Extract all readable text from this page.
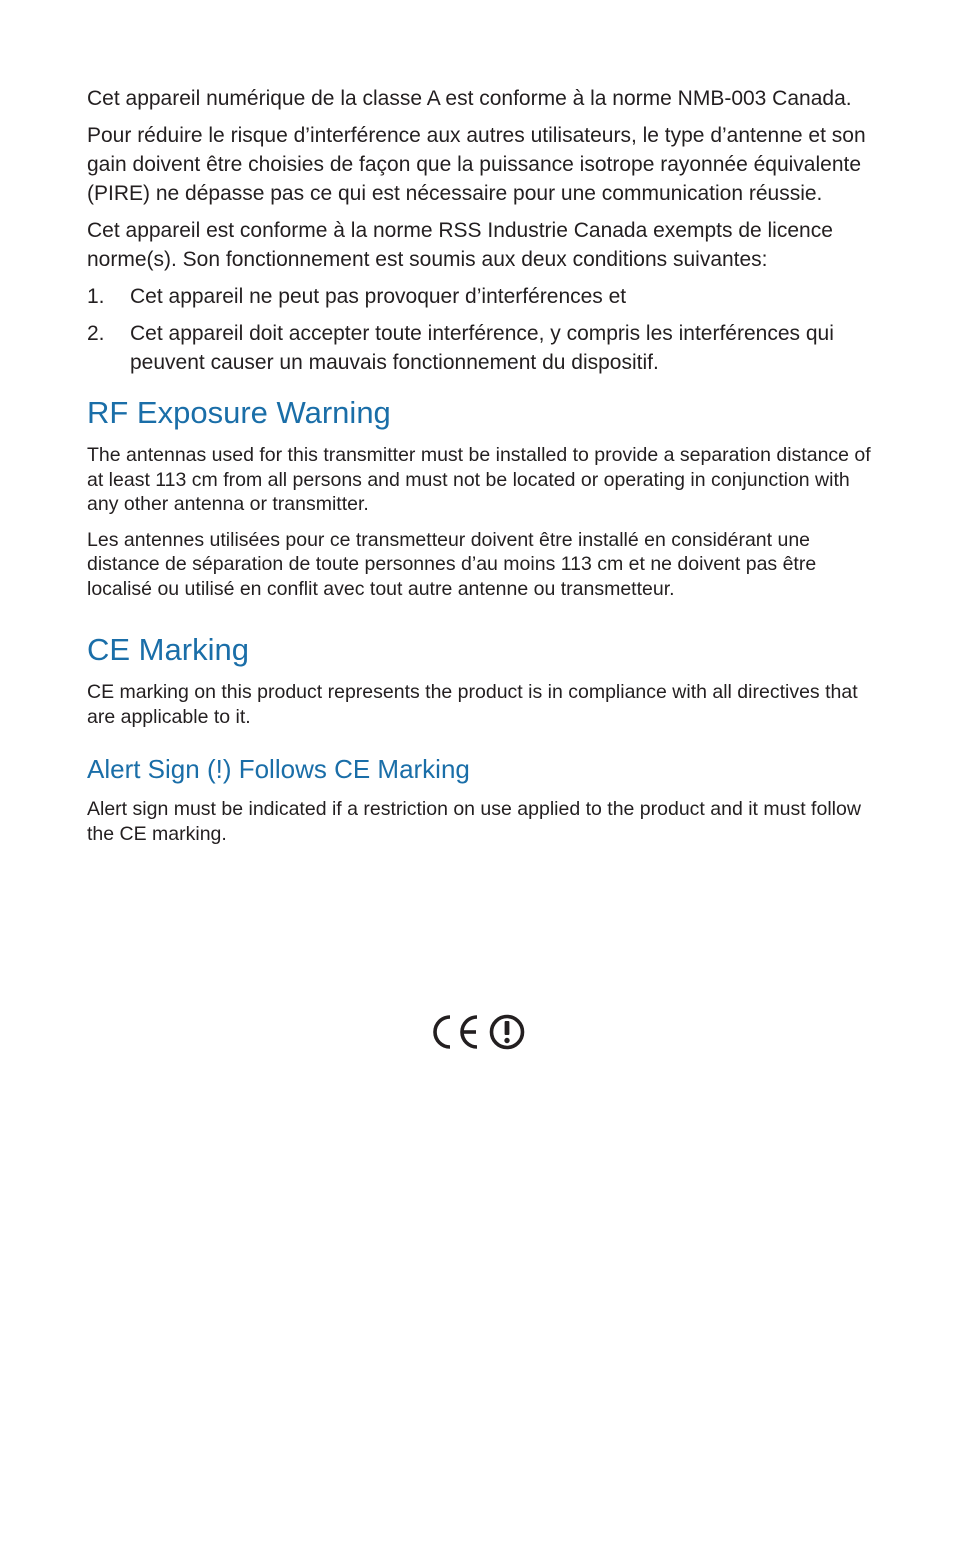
Cet appareil numérique de la classe A est conforme à la norme NMB-003 Canada.

Pour réduire le risque d’interférence aux autres utilisateurs, le type d’antenne et son gain doivent être choisies de façon que la puissance isotrope rayonnée équivalente (PIRE) ne dépasse pas ce qui est nécessaire pour une communication réussie.

Cet appareil est conforme à la norme RSS Industrie Canada exempts de licence norme(s). Son fonctionnement est soumis aux deux conditions suivantes:

1.	Cet appareil ne peut pas provoquer d’interférences et
2.	Cet appareil doit accepter toute interférence, y compris les interférences qui peuvent causer un mauvais fonctionnement du dispositif.
RF Exposure Warning

The antennas used for this transmitter must be installed to provide a separation distance of at least 113 cm from all persons and must not be located or operating in conjunction with any other antenna or transmitter.

Les antennes utilisées pour ce transmetteur doivent être installé en considérant une distance de séparation de toute personnes d’au moins 113 cm et ne doivent pas être localisé ou utilisé en conflit avec tout autre antenne ou transmetteur.

CE Marking

CE marking on this product represents the product is in compliance with all directives that are applicable to it.

Alert Sign (!) Follows CE Marking

Alert sign must be indicated if a restriction on use applied to the product and it must follow the CE marking.
